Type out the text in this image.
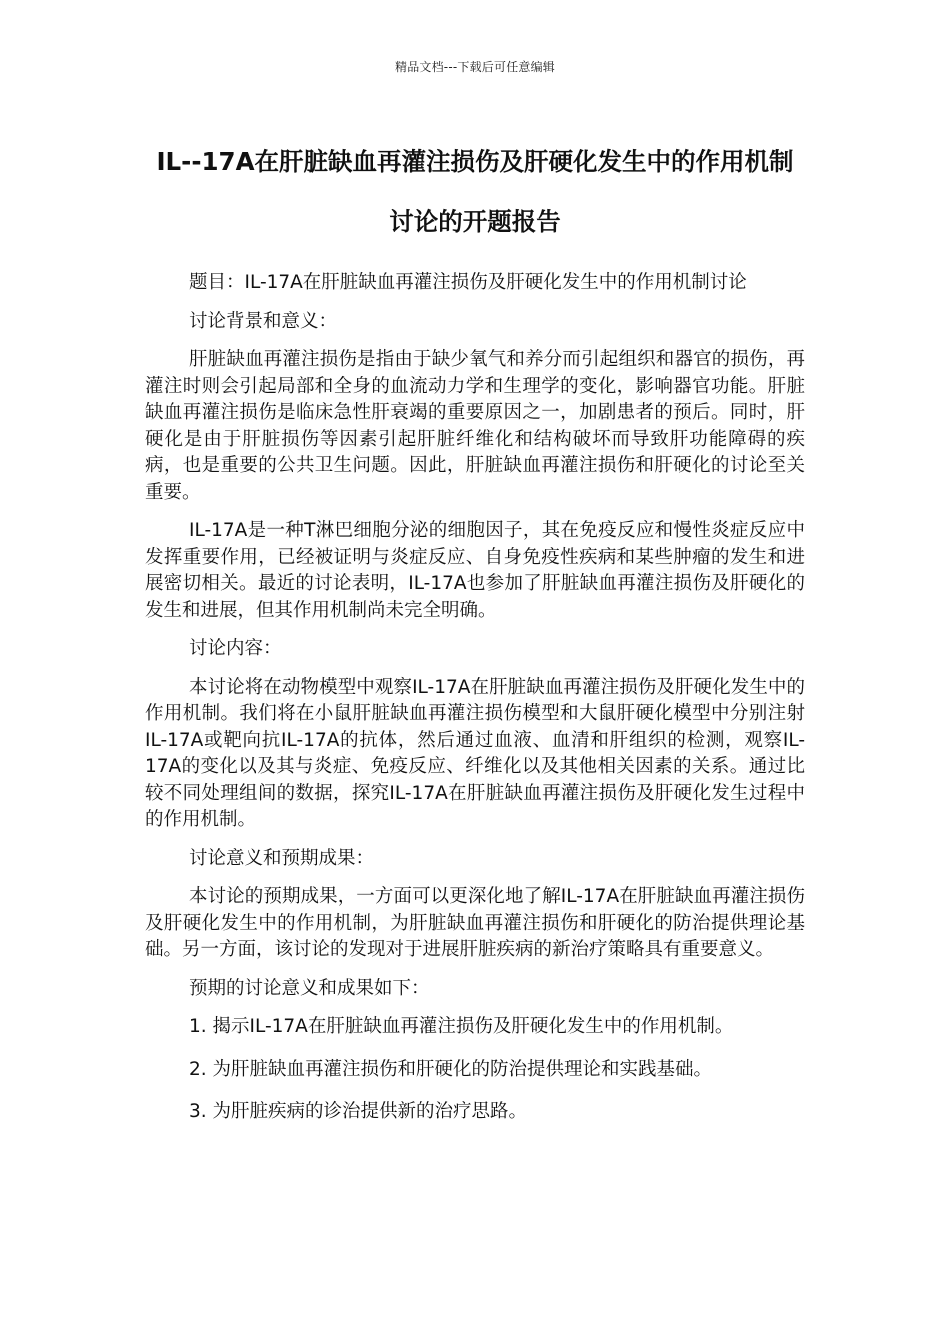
精品文档---下载后可任意编辑
IL--17A在肝脏缺血再灌注损伤及肝硬化发生中的作用机制讨论的开题报告

题目：IL-17A在肝脏缺血再灌注损伤及肝硬化发生中的作用机制讨论

讨论背景和意义：

肝脏缺血再灌注损伤是指由于缺少氧气和养分而引起组织和器官的损伤，再灌注时则会引起局部和全身的血流动力学和生理学的变化，影响器官功能。肝脏缺血再灌注损伤是临床急性肝衰竭的重要原因之一，加剧患者的预后。同时，肝硬化是由于肝脏损伤等因素引起肝脏纤维化和结构破坏而导致肝功能障碍的疾病，也是重要的公共卫生问题。因此，肝脏缺血再灌注损伤和肝硬化的讨论至关重要。

IL-17A是一种T淋巴细胞分泌的细胞因子，其在免疫反应和慢性炎症反应中发挥重要作用，已经被证明与炎症反应、自身免疫性疾病和某些肿瘤的发生和进展密切相关。最近的讨论表明，IL-17A也参加了肝脏缺血再灌注损伤及肝硬化的发生和进展，但其作用机制尚未完全明确。

讨论内容：

本讨论将在动物模型中观察IL-17A在肝脏缺血再灌注损伤及肝硬化发生中的作用机制。我们将在小鼠肝脏缺血再灌注损伤模型和大鼠肝硬化模型中分别注射IL-17A或靶向抗IL-17A的抗体，然后通过血液、血清和肝组织的检测，观察IL-17A的变化以及其与炎症、免疫反应、纤维化以及其他相关因素的关系。通过比较不同处理组间的数据，探究IL-17A在肝脏缺血再灌注损伤及肝硬化发生过程中的作用机制。

讨论意义和预期成果：

本讨论的预期成果，一方面可以更深化地了解IL-17A在肝脏缺血再灌注损伤及肝硬化发生中的作用机制，为肝脏缺血再灌注损伤和肝硬化的防治提供理论基础。另一方面，该讨论的发现对于进展肝脏疾病的新治疗策略具有重要意义。

预期的讨论意义和成果如下：

1. 揭示IL-17A在肝脏缺血再灌注损伤及肝硬化发生中的作用机制。

2. 为肝脏缺血再灌注损伤和肝硬化的防治提供理论和实践基础。

3. 为肝脏疾病的诊治提供新的治疗思路。
